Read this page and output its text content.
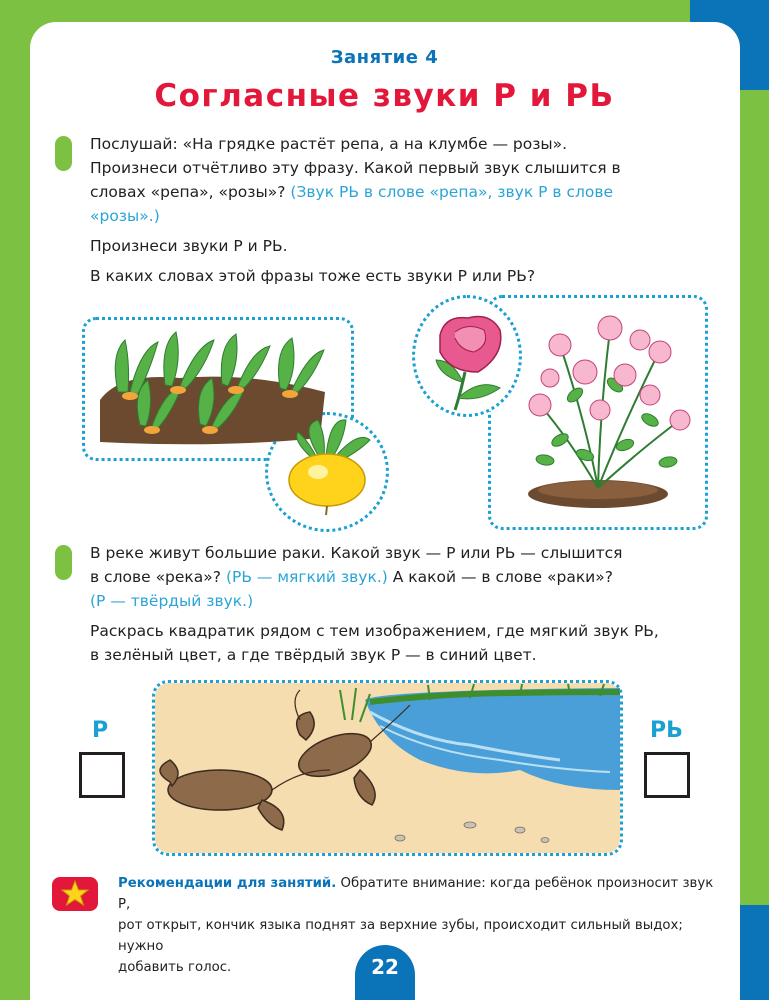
Занятие 4
Согласные звуки Р и РЬ
Послушай: «На грядке растёт репа, а на клумбе — розы».
Произнеси отчётливо эту фразу. Какой первый звук слышится в
словах «репа», «розы»? (Звук РЬ в слове «репа», звук Р в слове
«розы».)
Произнеси звуки Р и РЬ.
В каких словах этой фразы тоже есть звуки Р или РЬ?
В реке живут большие раки. Какой звук — Р или РЬ — слышится
в слове «река»? (РЬ — мягкий звук.) А какой — в слове «раки»?
(Р — твёрдый звук.)
Раскрась квадратик рядом с тем изображением, где мягкий звук РЬ,
в зелёный цвет, а где твёрдый звук Р — в синий цвет.
Р	РЬ
Рекомендации для занятий. Обратите внимание: когда ребёнок произносит звук Р,
рот открыт, кончик языка поднят за верхние зубы, происходит сильный выдох; нужно
добавить голос.	22
